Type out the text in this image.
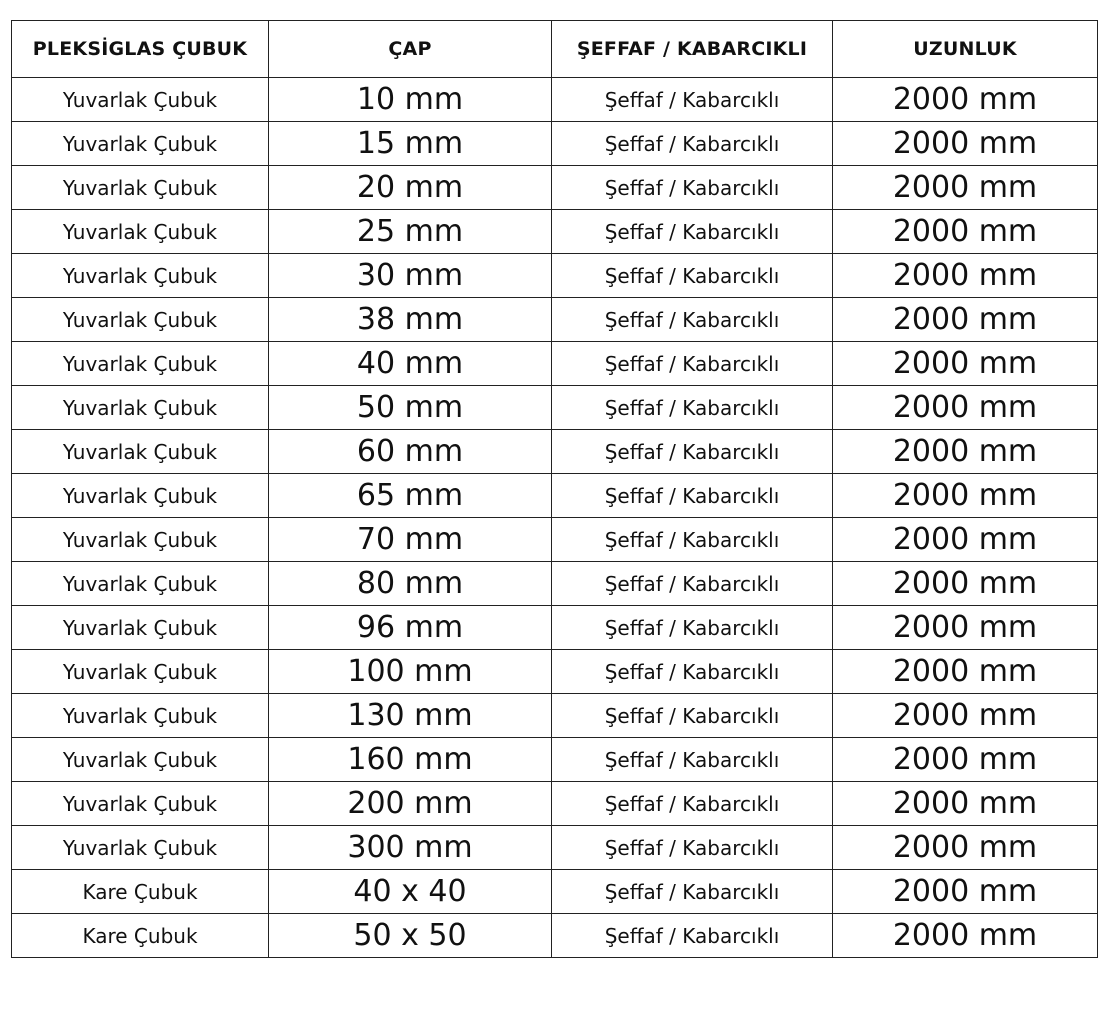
PLEKSİGLAS ÇUBUK	ÇAP	ŞEFFAF / KABARCIKLI	UZUNLUK
Yuvarlak Çubuk	10 mm	Şeffaf / Kabarcıklı	2000 mm
Yuvarlak Çubuk	15 mm	Şeffaf / Kabarcıklı	2000 mm
Yuvarlak Çubuk	20 mm	Şeffaf / Kabarcıklı	2000 mm
Yuvarlak Çubuk	25 mm	Şeffaf / Kabarcıklı	2000 mm
Yuvarlak Çubuk	30 mm	Şeffaf / Kabarcıklı	2000 mm
Yuvarlak Çubuk	38 mm	Şeffaf / Kabarcıklı	2000 mm
Yuvarlak Çubuk	40 mm	Şeffaf / Kabarcıklı	2000 mm
Yuvarlak Çubuk	50 mm	Şeffaf / Kabarcıklı	2000 mm
Yuvarlak Çubuk	60 mm	Şeffaf / Kabarcıklı	2000 mm
Yuvarlak Çubuk	65 mm	Şeffaf / Kabarcıklı	2000 mm
Yuvarlak Çubuk	70 mm	Şeffaf / Kabarcıklı	2000 mm
Yuvarlak Çubuk	80 mm	Şeffaf / Kabarcıklı	2000 mm
Yuvarlak Çubuk	96 mm	Şeffaf / Kabarcıklı	2000 mm
Yuvarlak Çubuk	100 mm	Şeffaf / Kabarcıklı	2000 mm
Yuvarlak Çubuk	130 mm	Şeffaf / Kabarcıklı	2000 mm
Yuvarlak Çubuk	160 mm	Şeffaf / Kabarcıklı	2000 mm
Yuvarlak Çubuk	200 mm	Şeffaf / Kabarcıklı	2000 mm
Yuvarlak Çubuk	300 mm	Şeffaf / Kabarcıklı	2000 mm
Kare Çubuk	40 x 40	Şeffaf / Kabarcıklı	2000 mm
Kare Çubuk	50 x 50	Şeffaf / Kabarcıklı	2000 mm
